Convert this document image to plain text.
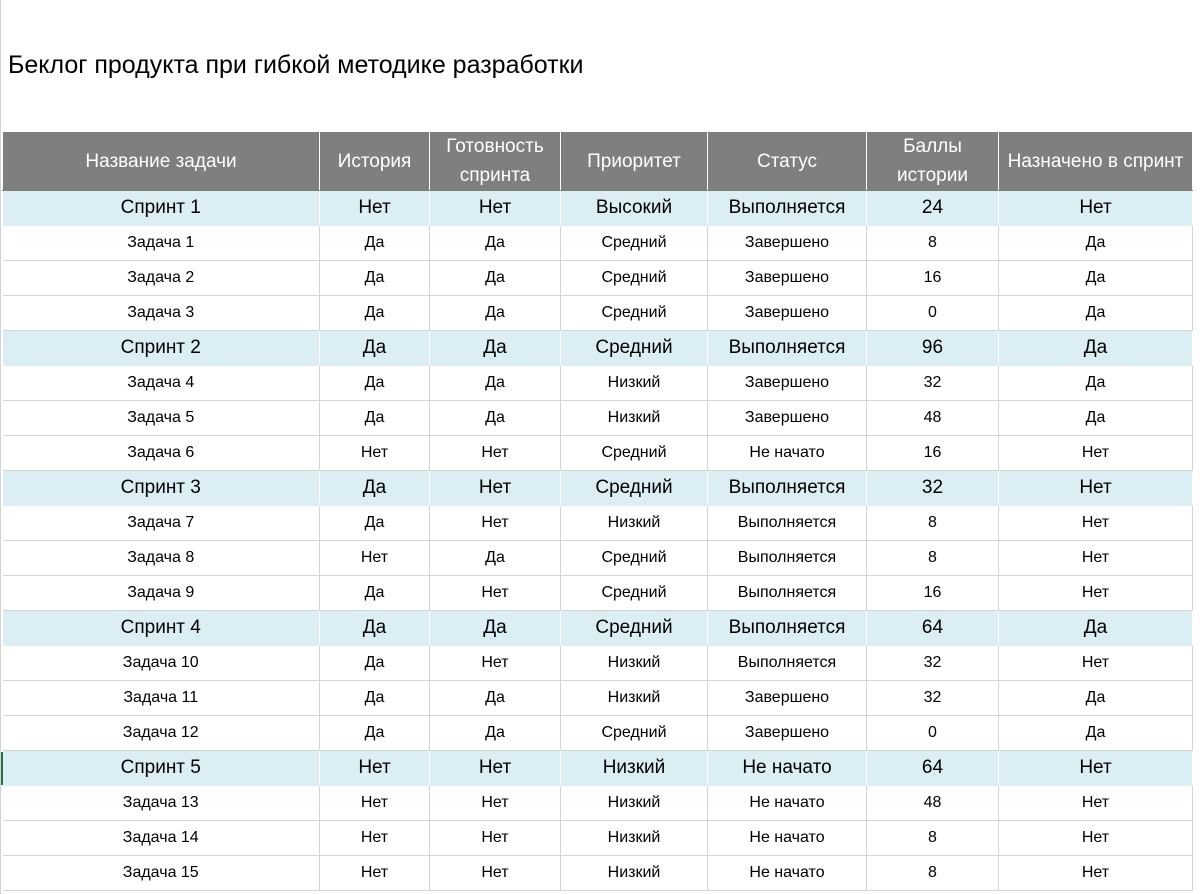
Беклог продукта при гибкой методике разработки
Название задачи	История	Готовность спринта	Приоритет	Статус	Баллы истории	Назначено в спринт
Спринт 1	Нет	Нет	Высокий	Выполняется	24	Нет
Задача 1	Да	Да	Средний	Завершено	8	Да
Задача 2	Да	Да	Средний	Завершено	16	Да
Задача 3	Да	Да	Средний	Завершено	0	Да
Спринт 2	Да	Да	Средний	Выполняется	96	Да
Задача 4	Да	Да	Низкий	Завершено	32	Да
Задача 5	Да	Да	Низкий	Завершено	48	Да
Задача 6	Нет	Нет	Средний	Не начато	16	Нет
Спринт 3	Да	Нет	Средний	Выполняется	32	Нет
Задача 7	Да	Нет	Низкий	Выполняется	8	Нет
Задача 8	Нет	Да	Средний	Выполняется	8	Нет
Задача 9	Да	Нет	Средний	Выполняется	16	Нет
Спринт 4	Да	Да	Средний	Выполняется	64	Да
Задача 10	Да	Нет	Низкий	Выполняется	32	Нет
Задача 11	Да	Да	Низкий	Завершено	32	Да
Задача 12	Да	Да	Средний	Завершено	0	Да
Спринт 5	Нет	Нет	Низкий	Не начато	64	Нет
Задача 13	Нет	Нет	Низкий	Не начато	48	Нет
Задача 14	Нет	Нет	Низкий	Не начато	8	Нет
Задача 15	Нет	Нет	Низкий	Не начато	8	Нет
